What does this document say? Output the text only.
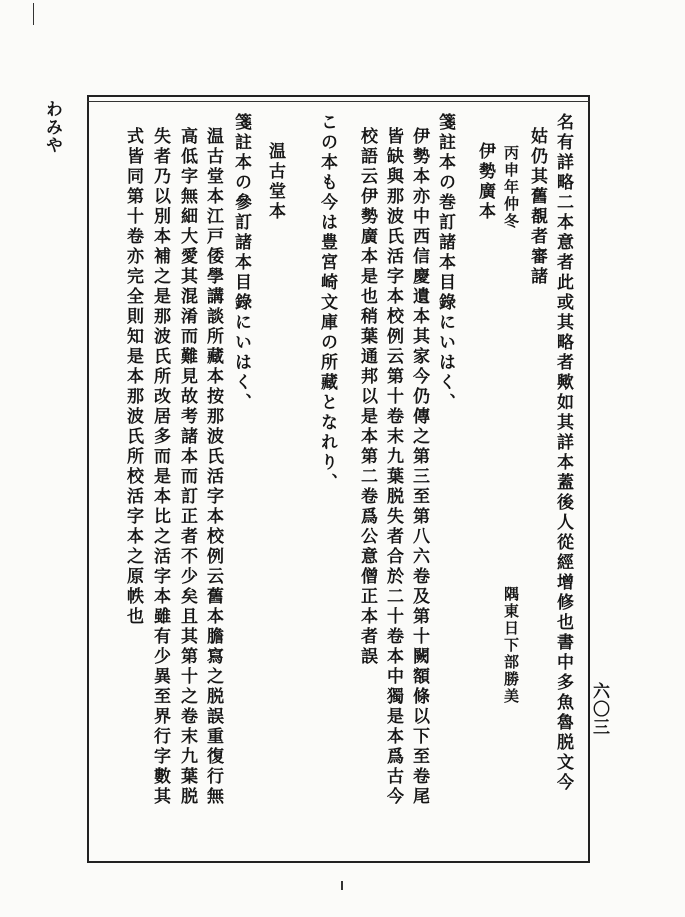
わみや
六〇三
名有詳略二本意者此或其略者歟如其詳本蓋後人從經增修也書中多魚魯脱文今
姑仍其舊覩者審諸
丙申年仲冬
隅東日下部勝美
伊勢廣本
箋註本の巻訂諸本目錄にいはく、
伊勢本亦中西信慶遺本其家今仍傳之第三至第八六卷及第十闕額條以下至卷尾
皆缺與那波氏活字本校例云第十卷末九葉脱失者合於二十卷本中獨是本爲古今
校語云伊勢廣本是也稍葉通邦以是本第二卷爲公意僧正本者誤
この本も今は豊宮崎文庫の所藏となれり、
温古堂本
箋註本の參訂諸本目錄にいはく、
温古堂本江戸倭學講談所藏本按那波氏活字本校例云舊本膽寫之脱誤重復行無
高低字無細大愛其混淆而難見故考諸本而訂正者不少矣且其第十之卷末九葉脱
失者乃以別本補之是那波氏所改居多而是本比之活字本雖有少異至界行字數其
式皆同第十卷亦完全則知是本那波氏所校活字本之原帙也
